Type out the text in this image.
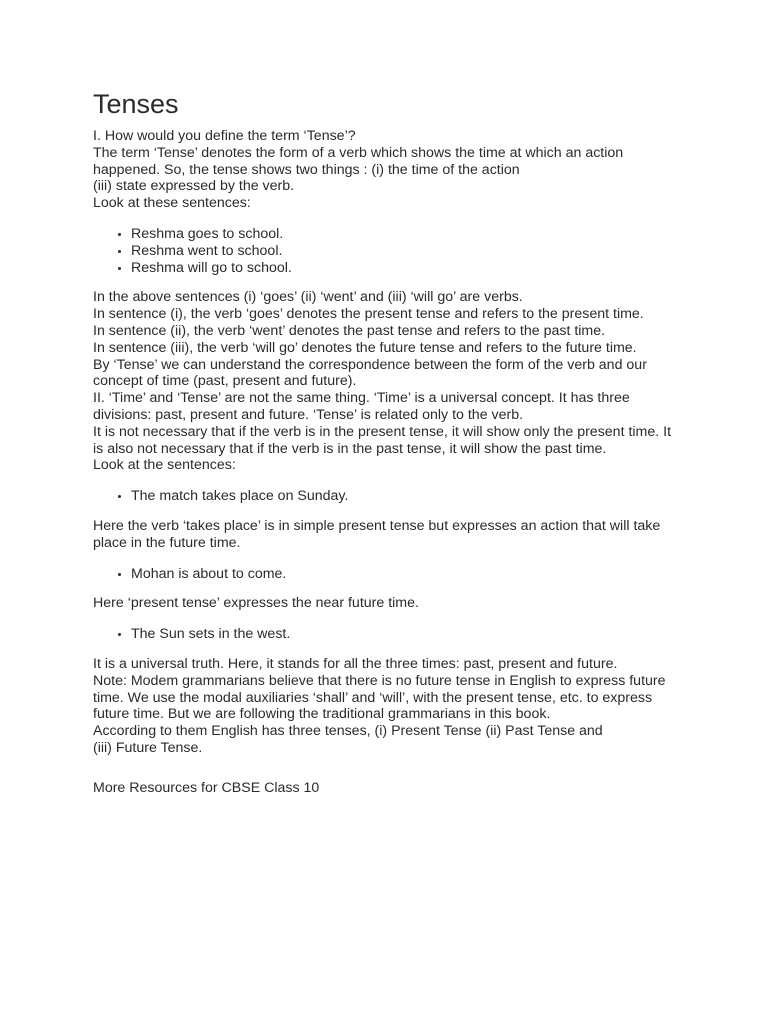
Tenses

I. How would you define the term ‘Tense’?

The term ‘Tense’ denotes the form of a verb which shows the time at which an action happened. So, the tense shows two things : (i) the time of the action

(iii) state expressed by the verb.

Look at these sentences:

• Reshma goes to school.
• Reshma went to school.
• Reshma will go to school.

In the above sentences (i) ‘goes’ (ii) ‘went’ and (iii) ‘will go’ are verbs.

In sentence (i), the verb ‘goes’ denotes the present tense and refers to the present time.

In sentence (ii), the verb ‘went’ denotes the past tense and refers to the past time.

In sentence (iii), the verb ‘will go’ denotes the future tense and refers to the future time.

By ‘Tense’ we can understand the correspondence between the form of the verb and our concept of time (past, present and future).

II. ‘Time’ and ‘Tense’ are not the same thing. ‘Time’ is a universal concept. It has three divisions: past, present and future. ‘Tense’ is related only to the verb.

It is not necessary that if the verb is in the present tense, it will show only the present time. It is also not necessary that if the verb is in the past tense, it will show the past time.

Look at the sentences:

• The match takes place on Sunday.

Here the verb ‘takes place’ is in simple present tense but expresses an action that will take place in the future time.

• Mohan is about to come.

Here ‘present tense’ expresses the near future time.

• The Sun sets in the west.

It is a universal truth. Here, it stands for all the three times: past, present and future.

Note: Modem grammarians believe that there is no future tense in English to express future time. We use the modal auxiliaries ‘shall’ and ‘will’, with the present tense, etc. to express future time. But we are following the traditional grammarians in this book.

According to them English has three tenses, (i) Present Tense (ii) Past Tense and

(iii) Future Tense.

More Resources for CBSE Class 10
